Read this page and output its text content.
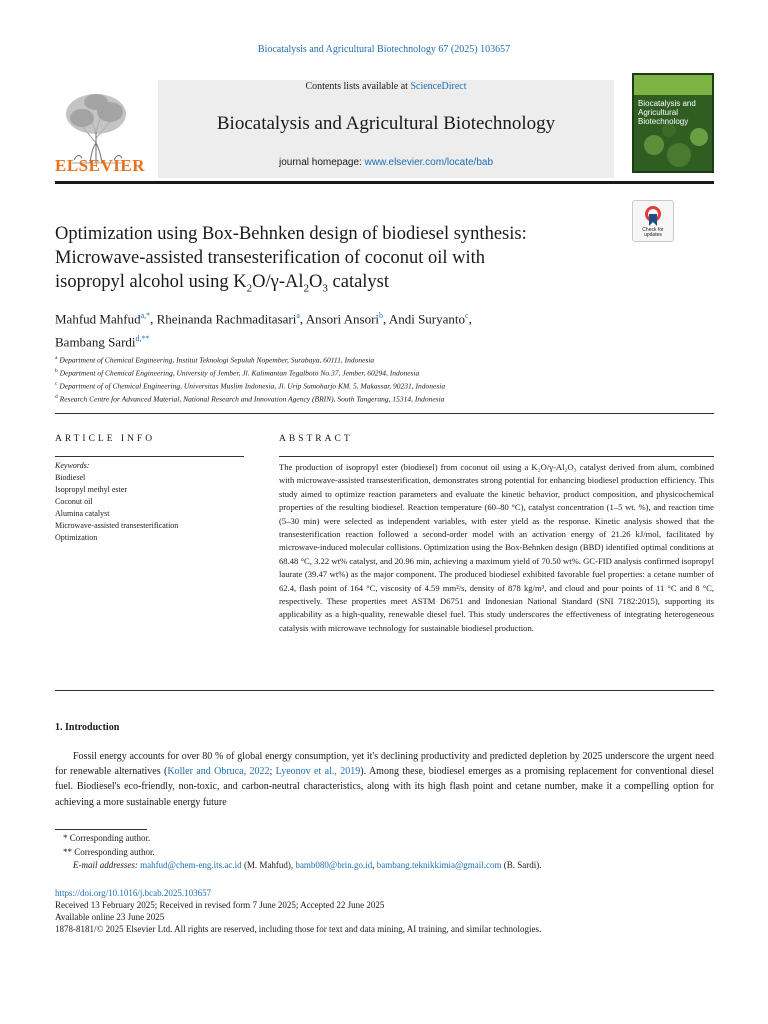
Biocatalysis and Agricultural Biotechnology 67 (2025) 103657
ELSEVIER
Contents lists available at ScienceDirect
Biocatalysis and Agricultural Biotechnology
journal homepage: www.elsevier.com/locate/bab
Biocatalysis and Agricultural Biotechnology
Check for updates
Optimization using Box-Behnken design of biodiesel synthesis:
Microwave-assisted transesterification of coconut oil with
isopropyl alcohol using $K_2O/\gamma-Al_2O_3$ catalyst
Mahfud Mahfud$^{a,*}$, Rheinanda Rachmaditasari$^a$, Ansori Ansori$^b$, Andi Suryanto$^c$,
Bambang Sardi$^{d,**}$
$^a$ Department of Chemical Engineering, Institut Teknologi Sepuluh Nopember, Surabaya, 60111, Indonesia
$^b$ Department of Chemical Engineering, University of Jember, Jl. Kalimantan Tegalboto No.37, Jember, 60294, Indonesia
$^c$ Department of of Chemical Engineering, Universitas Muslim Indonesia, Jl. Urip Sumoharjo KM. 5, Makassar, 90231, Indonesia
$^d$ Research Centre for Advanced Material, National Research and Innovation Agency (BRIN), South Tangerang, 15314, Indonesia
ARTICLE INFO	ABSTRACT
Keywords:
Biodiesel
Isopropyl methyl ester
Coconut oil
Alumina catalyst
Microwave-assisted transesterification
Optimization
The production of isopropyl ester (biodiesel) from coconut oil using a K₂O/γ-Al₂O₃ catalyst derived from alum, combined with microwave-assisted transesterification, demonstrates strong potential for enhancing biodiesel production efficiency. This study aimed to optimize reaction parameters and evaluate the kinetic behavior, product composition, and physicochemical properties of the resulting biodiesel. Reaction temperature (60–80 °C), catalyst concentration (1–5 wt. %), and reaction time (5–30 min) were selected as independent variables, with ester yield as the response. Kinetic analysis showed that the transesterification reaction followed a second-order model with an activation energy of 21.26 kJ/mol, facilitated by microwave-induced molecular collisions. Optimization using the Box-Behnken design (BBD) identified optimal conditions at 68.48 °C, 3.22 wt% catalyst, and 20.96 min, achieving a maximum yield of 70.50 wt%. GC-FID analysis confirmed isopropyl laurate (39.47 wt%) as the major component. The produced biodiesel exhibited favorable fuel properties: a cetane number of 62.4, flash point of 164 °C, viscosity of 4.59 mm²/s, density of 878 kg/m³, and cloud and pour points of 11 °C and 8 °C, respectively. These properties meet ASTM D6751 and Indonesian National Standard (SNI 7182:2015), supporting its applicability as a high-quality, renewable diesel fuel. This study underscores the effectiveness of integrating heterogeneous catalysis with microwave technology for sustainable biodiesel production.
1. Introduction
Fossil energy accounts for over 80 % of global energy consumption, yet it's declining productivity and predicted depletion by 2025 underscore the urgent need for renewable alternatives (Koller and Obruca, 2022; Lyeonov et al., 2019). Among these, biodiesel emerges as a promising replacement for conventional diesel fuel. Biodiesel's eco-friendly, non-toxic, and carbon-neutral characteristics, along with its high flash point and cetane number, make it a compelling option for achieving a more sustainable energy future
* Corresponding author.
** Corresponding author.
E-mail addresses: mahfud@chem-eng.its.ac.id (M. Mahfud), bamb080@brin.go.id, bambang.teknikkimia@gmail.com (B. Sardi).
https://doi.org/10.1016/j.bcab.2025.103657
Received 13 February 2025; Received in revised form 7 June 2025; Accepted 22 June 2025
Available online 23 June 2025
1878-8181/© 2025 Elsevier Ltd. All rights are reserved, including those for text and data mining, AI training, and similar technologies.
